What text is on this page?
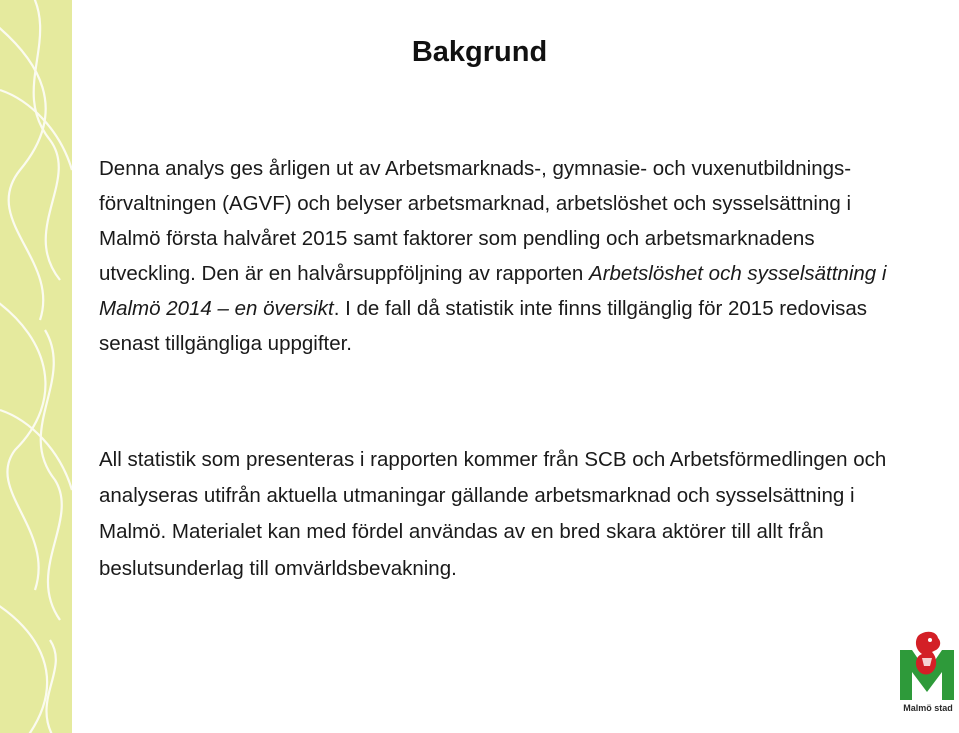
Bakgrund
Denna analys ges årligen ut av Arbetsmarknads-, gymnasie- och vuxenutbildnings-förvaltningen (AGVF) och belyser arbetsmarknad, arbetslöshet och sysselsättning i Malmö första halvåret 2015 samt faktorer som pendling och arbetsmarknadens utveckling. Den är en halvårsuppföljning av rapporten Arbetslöshet och sysselsättning i Malmö 2014 – en översikt. I de fall då statistik inte finns tillgänglig för 2015 redovisas senast tillgängliga uppgifter.
All statistik som presenteras i rapporten kommer från SCB och Arbetsförmedlingen och analyseras utifrån aktuella utmaningar gällande arbetsmarknad och sysselsättning i Malmö. Materialet kan med fördel användas av en bred skara aktörer till allt från beslutsunderlag till omvärldsbevakning.
Malmö stad
